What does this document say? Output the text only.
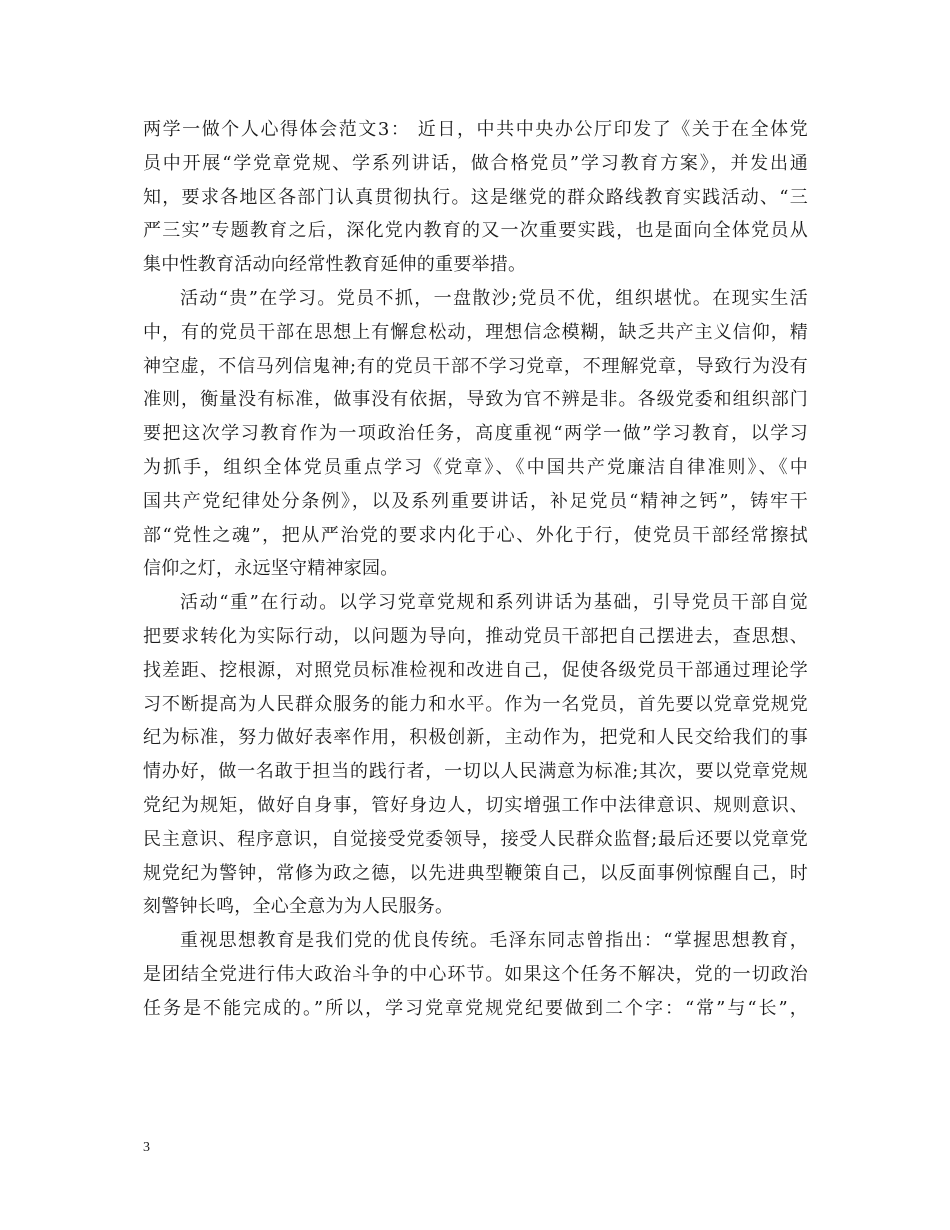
两学一做个人心得体会范文3： 近日，中共中央办公厅印发了《关于在全体党
员中开展“学党章党规、学系列讲话，做合格党员”学习教育方案》，并发出通
知，要求各地区各部门认真贯彻执行。这是继党的群众路线教育实践活动、“三
严三实”专题教育之后，深化党内教育的又一次重要实践，也是面向全体党员从
集中性教育活动向经常性教育延伸的重要举措。
活动“贵”在学习。党员不抓，一盘散沙;党员不优，组织堪忧。在现实生活
中，有的党员干部在思想上有懈怠松动，理想信念模糊，缺乏共产主义信仰，精
神空虚，不信马列信鬼神;有的党员干部不学习党章，不理解党章，导致行为没有
准则，衡量没有标准，做事没有依据，导致为官不辨是非。各级党委和组织部门
要把这次学习教育作为一项政治任务，高度重视“两学一做”学习教育，以学习
为抓手，组织全体党员重点学习《党章》、《中国共产党廉洁自律准则》、《中
国共产党纪律处分条例》，以及系列重要讲话，补足党员“精神之钙”，铸牢干
部“党性之魂”，把从严治党的要求内化于心、外化于行，使党员干部经常擦拭
信仰之灯，永远坚守精神家园。
活动“重”在行动。以学习党章党规和系列讲话为基础，引导党员干部自觉
把要求转化为实际行动，以问题为导向，推动党员干部把自己摆进去，查思想、
找差距、挖根源，对照党员标准检视和改进自己，促使各级党员干部通过理论学
习不断提高为人民群众服务的能力和水平。作为一名党员，首先要以党章党规党
纪为标准，努力做好表率作用，积极创新，主动作为，把党和人民交给我们的事
情办好，做一名敢于担当的践行者，一切以人民满意为标准;其次，要以党章党规
党纪为规矩，做好自身事，管好身边人，切实增强工作中法律意识、规则意识、
民主意识、程序意识，自觉接受党委领导，接受人民群众监督;最后还要以党章党
规党纪为警钟，常修为政之德，以先进典型鞭策自己，以反面事例惊醒自己，时
刻警钟长鸣，全心全意为为人民服务。
重视思想教育是我们党的优良传统。毛泽东同志曾指出：“掌握思想教育，
是团结全党进行伟大政治斗争的中心环节。如果这个任务不解决，党的一切政治
任务是不能完成的。”所以，学习党章党规党纪要做到二个字：“常”与“长”，
3
